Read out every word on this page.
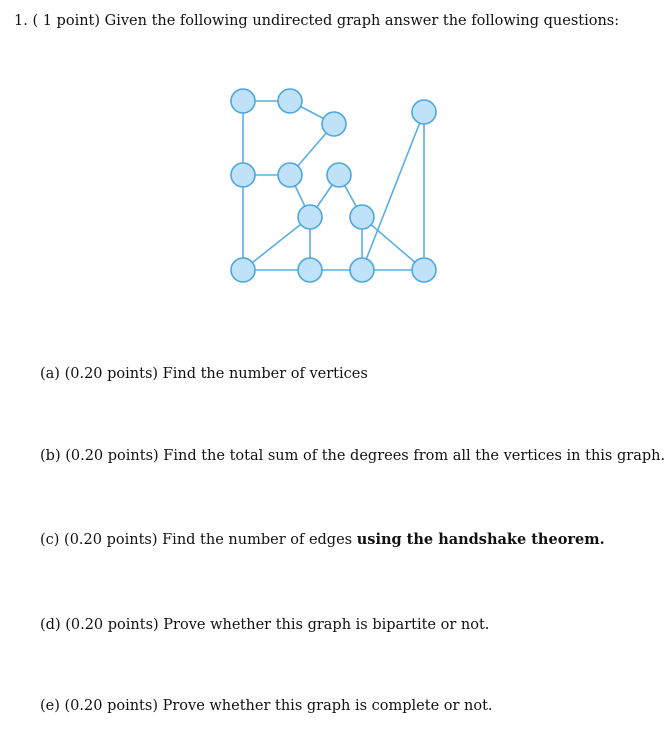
1. ( 1 point) Given the following undirected graph answer the following questions:
(a) (0.20 points) Find the number of vertices
(b) (0.20 points) Find the total sum of the degrees from all the vertices in this graph.
(c) (0.20 points) Find the number of edges using the handshake theorem.
(d) (0.20 points) Prove whether this graph is bipartite or not.
(e) (0.20 points) Prove whether this graph is complete or not.
